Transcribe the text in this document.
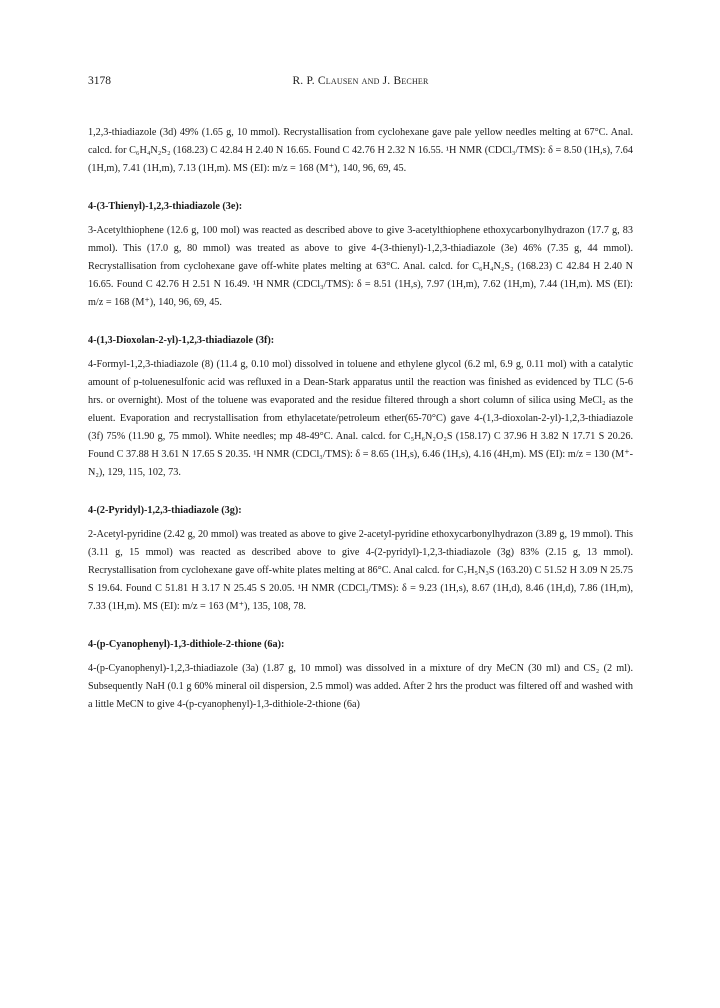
3178	R. P. Clausen and J. Becher

1,2,3-thiadiazole (3d) 49% (1.65 g, 10 mmol). Recrystallisation from cyclohexane gave pale yellow needles melting at 67°C. Anal. calcd. for C₆H₄N₂S₂ (168.23) C 42.84 H 2.40 N 16.65. Found C 42.76 H 2.32 N 16.55. ¹H NMR (CDCl₃/TMS): δ = 8.50 (1H,s), 7.64 (1H,m), 7.41 (1H,m), 7.13 (1H,m). MS (EI): m/z = 168 (M⁺), 140, 96, 69, 45.

4-(3-Thienyl)-1,2,3-thiadiazole (3e):

3-Acetylthiophene (12.6 g, 100 mol) was reacted as described above to give 3-acetylthiophene ethoxycarbonylhydrazon (17.7 g, 83 mmol). This (17.0 g, 80 mmol) was treated as above to give 4-(3-thienyl)-1,2,3-thiadiazole (3e) 46% (7.35 g, 44 mmol). Recrystallisation from cyclohexane gave off-white plates melting at 63°C. Anal. calcd. for C₆H₄N₂S₂ (168.23) C 42.84 H 2.40 N 16.65. Found C 42.76 H 2.51 N 16.49. ¹H NMR (CDCl₃/TMS): δ = 8.51 (1H,s), 7.97 (1H,m), 7.62 (1H,m), 7.44 (1H,m). MS (EI): m/z = 168 (M⁺), 140, 96, 69, 45.

4-(1,3-Dioxolan-2-yl)-1,2,3-thiadiazole (3f):

4-Formyl-1,2,3-thiadiazole (8) (11.4 g, 0.10 mol) dissolved in toluene and ethylene glycol (6.2 ml, 6.9 g, 0.11 mol) with a catalytic amount of p-toluenesulfonic acid was refluxed in a Dean-Stark apparatus until the reaction was finished as evidenced by TLC (5-6 hrs. or overnight). Most of the toluene was evaporated and the residue filtered through a short column of silica using MeCl₂ as the eluent. Evaporation and recrystallisation from ethylacetate/petroleum ether(65-70°C) gave 4-(1,3-dioxolan-2-yl)-1,2,3-thiadiazole (3f) 75% (11.90 g, 75 mmol). White needles; mp 48-49°C. Anal. calcd. for C₅H₆N₂O₂S (158.17) C 37.96 H 3.82 N 17.71 S 20.26. Found C 37.88 H 3.61 N 17.65 S 20.35. ¹H NMR (CDCl₃/TMS): δ = 8.65 (1H,s), 6.46 (1H,s), 4.16 (4H,m). MS (EI): m/z = 130 (M⁺-N₂), 129, 115, 102, 73.

4-(2-Pyridyl)-1,2,3-thiadiazole (3g):

2-Acetyl-pyridine (2.42 g, 20 mmol) was treated as above to give 2-acetyl-pyridine ethoxycarbonylhydrazon (3.89 g, 19 mmol). This (3.11 g, 15 mmol) was reacted as described above to give 4-(2-pyridyl)-1,2,3-thiadiazole (3g) 83% (2.15 g, 13 mmol). Recrystallisation from cyclohexane gave off-white plates melting at 86°C. Anal calcd. for C₇H₅N₃S (163.20) C 51.52 H 3.09 N 25.75 S 19.64. Found C 51.81 H 3.17 N 25.45 S 20.05. ¹H NMR (CDCl₃/TMS): δ = 9.23 (1H,s), 8.67 (1H,d), 8.46 (1H,d), 7.86 (1H,m), 7.33 (1H,m). MS (EI): m/z = 163 (M⁺), 135, 108, 78.

4-(p-Cyanophenyl)-1,3-dithiole-2-thione (6a):

4-(p-Cyanophenyl)-1,2,3-thiadiazole (3a) (1.87 g, 10 mmol) was dissolved in a mixture of dry MeCN (30 ml) and CS₂ (2 ml). Subsequently NaH (0.1 g 60% mineral oil dispersion, 2.5 mmol) was added. After 2 hrs the product was filtered off and washed with a little MeCN to give 4-(p-cyanophenyl)-1,3-dithiole-2-thione (6a)
